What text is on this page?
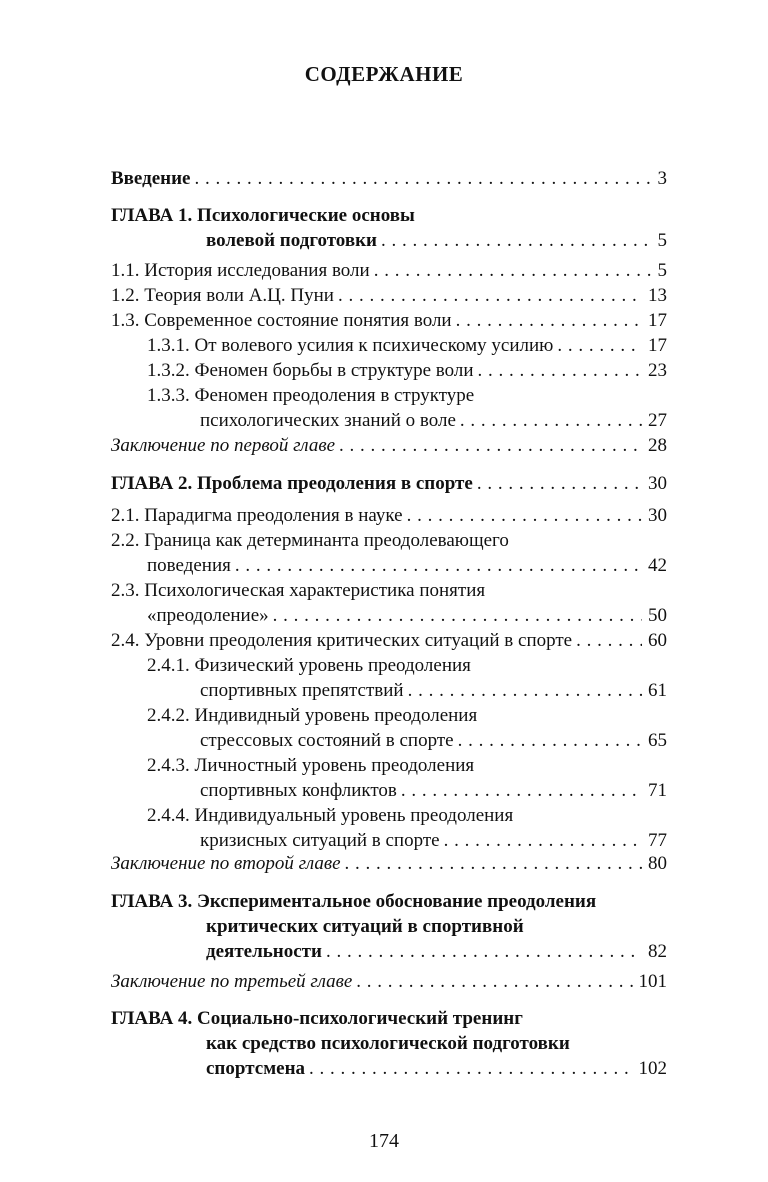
СОДЕРЖАНИЕ
Введение . . .	3
ГЛАВА 1. Психологические основы
волевой подготовки . . .	5
1.1. История исследования воли . . .	5
1.2. Теория воли А.Ц. Пуни . . .	13
1.3. Современное состояние понятия воли . . .	17
1.3.1. От волевого усилия к психическому усилию . . .	17
1.3.2. Феномен борьбы в структуре воли . . .	23
1.3.3. Феномен преодоления в структуре
психологических знаний о воле . . .	27
Заключение по первой главе . . .	28
ГЛАВА 2. Проблема преодоления в спорте . . .	30
2.1. Парадигма преодоления в науке . . .	30
2.2. Граница как детерминанта преодолевающего
поведения . . .	42
2.3. Психологическая характеристика понятия
«преодоление» . . .	50
2.4. Уровни преодоления критических ситуаций в спорте . . .	60
2.4.1. Физический уровень преодоления
спортивных препятствий . . .	61
2.4.2. Индивидный уровень преодоления
стрессовых состояний в спорте . . .	65
2.4.3. Личностный уровень преодоления
спортивных конфликтов . . .	71
2.4.4. Индивидуальный уровень преодоления
кризисных ситуаций в спорте . . .	77
Заключение по второй главе . . .	80
ГЛАВА 3. Экспериментальное обоснование преодоления
критических ситуаций в спортивной
деятельности . . .	82
Заключение по третьей главе . . .	101
ГЛАВА 4. Социально-психологический тренинг
как средство психологической подготовки
спортсмена . . .	102
174
